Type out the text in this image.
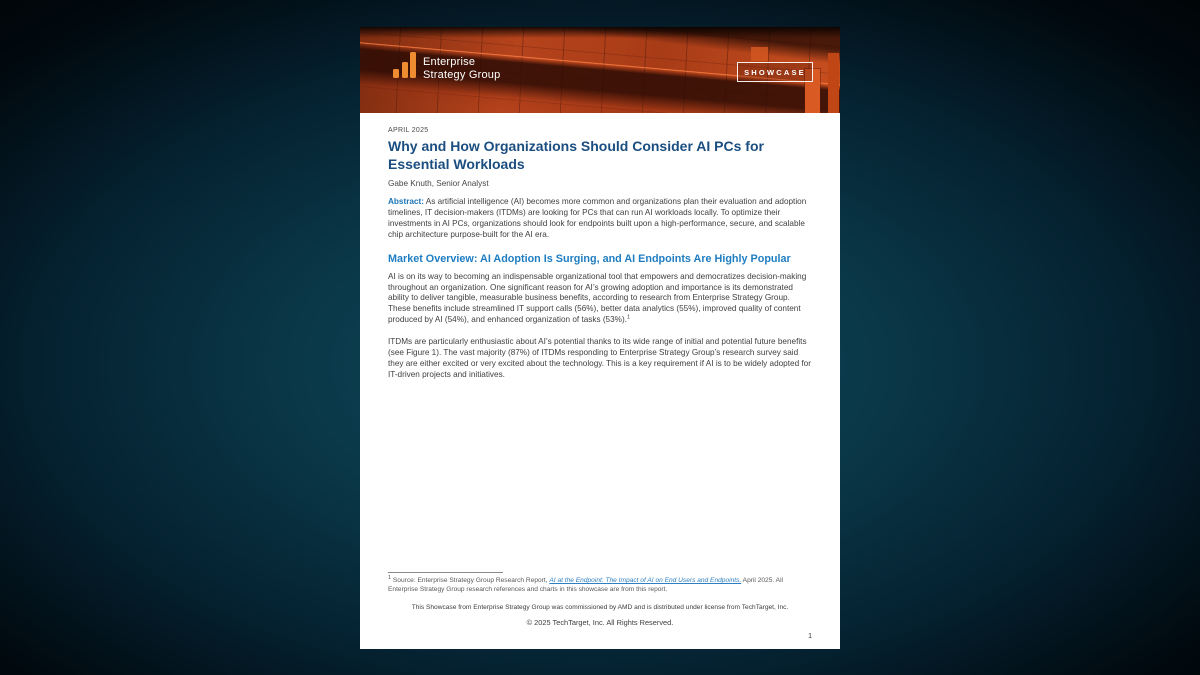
Enterprise
Strategy Group	SHOWCASE
APRIL 2025
Why and How Organizations Should Consider AI PCs for Essential Workloads
Gabe Knuth, Senior Analyst

Abstract: As artificial intelligence (AI) becomes more common and organizations plan their evaluation and adoption timelines, IT decision-makers (ITDMs) are looking for PCs that can run AI workloads locally. To optimize their investments in AI PCs, organizations should look for endpoints built upon a high-performance, secure, and scalable chip architecture purpose-built for the AI era.

Market Overview: AI Adoption Is Surging, and AI Endpoints Are Highly Popular

AI is on its way to becoming an indispensable organizational tool that empowers and democratizes decision-making throughout an organization. One significant reason for AI’s growing adoption and importance is its demonstrated ability to deliver tangible, measurable business benefits, according to research from Enterprise Strategy Group. These benefits include streamlined IT support calls (56%), better data analytics (55%), improved quality of content produced by AI (54%), and enhanced organization of tasks (53%).$^1$

ITDMs are particularly enthusiastic about AI’s potential thanks to its wide range of initial and potential future benefits (see Figure 1). The vast majority (87%) of ITDMs responding to Enterprise Strategy Group’s research survey said they are either excited or very excited about the technology. This is a key requirement if AI is to be widely adopted for IT-driven projects and initiatives.

$^1$ Source: Enterprise Strategy Group Research Report, AI at the Endpoint: The Impact of AI on End Users and Endpoints, April 2025. All Enterprise Strategy Group research references and charts in this showcase are from this report.
This Showcase from Enterprise Strategy Group was commissioned by AMD and is distributed under license from TechTarget, Inc.
© 2025 TechTarget, Inc. All Rights Reserved.
1
